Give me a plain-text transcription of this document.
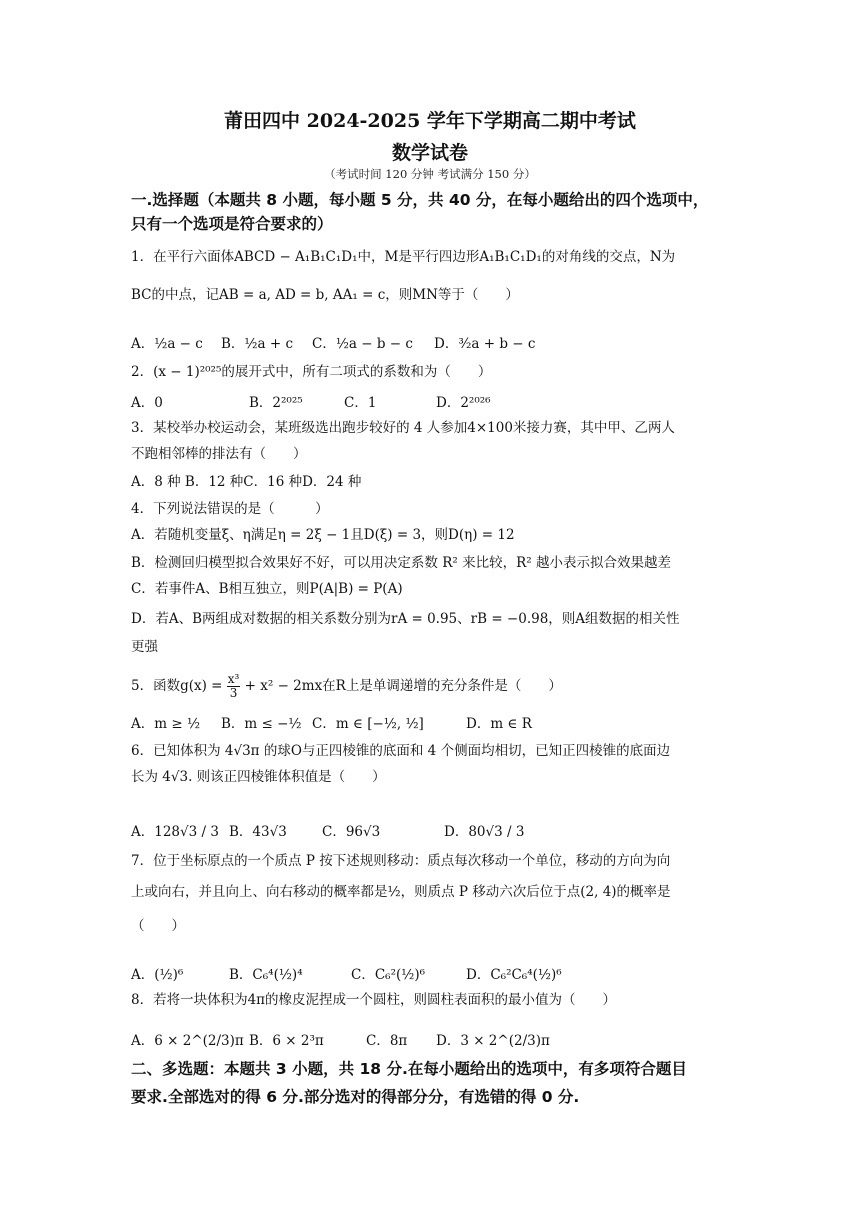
莆田四中 2024-2025 学年下学期高二期中考试
数学试卷
（考试时间 120 分钟 考试满分 150 分）
一.选择题（本题共 8 小题，每小题 5 分，共 40 分，在每小题给出的四个选项中，
只有一个选项是符合要求的）
1．在平行六面体ABCD − A₁B₁C₁D₁中，M是平行四边形A₁B₁C₁D₁的对角线的交点，N为
BC的中点，记AB = a, AD = b, AA₁ = c，则MN等于（　　）
A．½a − c B．½a + c C．½a − b − c D．³⁄₂a + b − c
2．(x − 1)²⁰²⁵的展开式中，所有二项式的系数和为（　　）
A．0	B．2²⁰²⁵	C．1	D．2²⁰²⁶
3．某校举办校运动会，某班级选出跑步较好的 4 人参加4×100米接力赛，其中甲、乙两人
不跑相邻棒的排法有（　　）
A．8 种 B．12 种C．16 种D．24 种
4．下列说法错误的是（　　　）
A．若随机变量ξ、η满足η = 2ξ − 1且D(ξ) = 3，则D(η) = 12
B．检测回归模型拟合效果好不好，可以用决定系数 R² 来比较，R² 越小表示拟合效果越差
C．若事件A、B相互独立，则P(A|B) = P(A)
D．若A、B两组成对数据的相关系数分别为rA = 0.95、rB = −0.98，则A组数据的相关性
更强
5．函数$g(x) = \frac{\text{x³}}{3} + x^2 - 2mx$在R上是单调递增的充分条件是（　　）
A．m ≥ ½ B．m ≤ −½ C．m ∈ [−½, ½]	D．m ∈ R
6．已知体积为 4√3π 的球O与正四棱锥的底面和 4 个侧面均相切，已知正四棱锥的底面边
长为 4√3. 则该正四棱锥体积值是（　　）
A．128√3 / 3 B．43√3	C．96√3	D．80√3 / 3
7．位于坐标原点的一个质点 P 按下述规则移动：质点每次移动一个单位，移动的方向为向
上或向右，并且向上、向右移动的概率都是½，则质点 P 移动六次后位于点(2, 4)的概率是
（　　）
A．(½)⁶	B．C₆⁴(½)⁴	C．C₆²(½)⁶	D．C₆²C₆⁴(½)⁶
8．若将一块体积为4π的橡皮泥捏成一个圆柱，则圆柱表面积的最小值为（　　）
A．6 × 2^(2/3)π B．6 × 2³π	C．8π D．3 × 2^(2/3)π
二、多选题：本题共 3 小题，共 18 分.在每小题给出的选项中，有多项符合题目
要求.全部选对的得 6 分.部分选对的得部分分，有选错的得 0 分.
